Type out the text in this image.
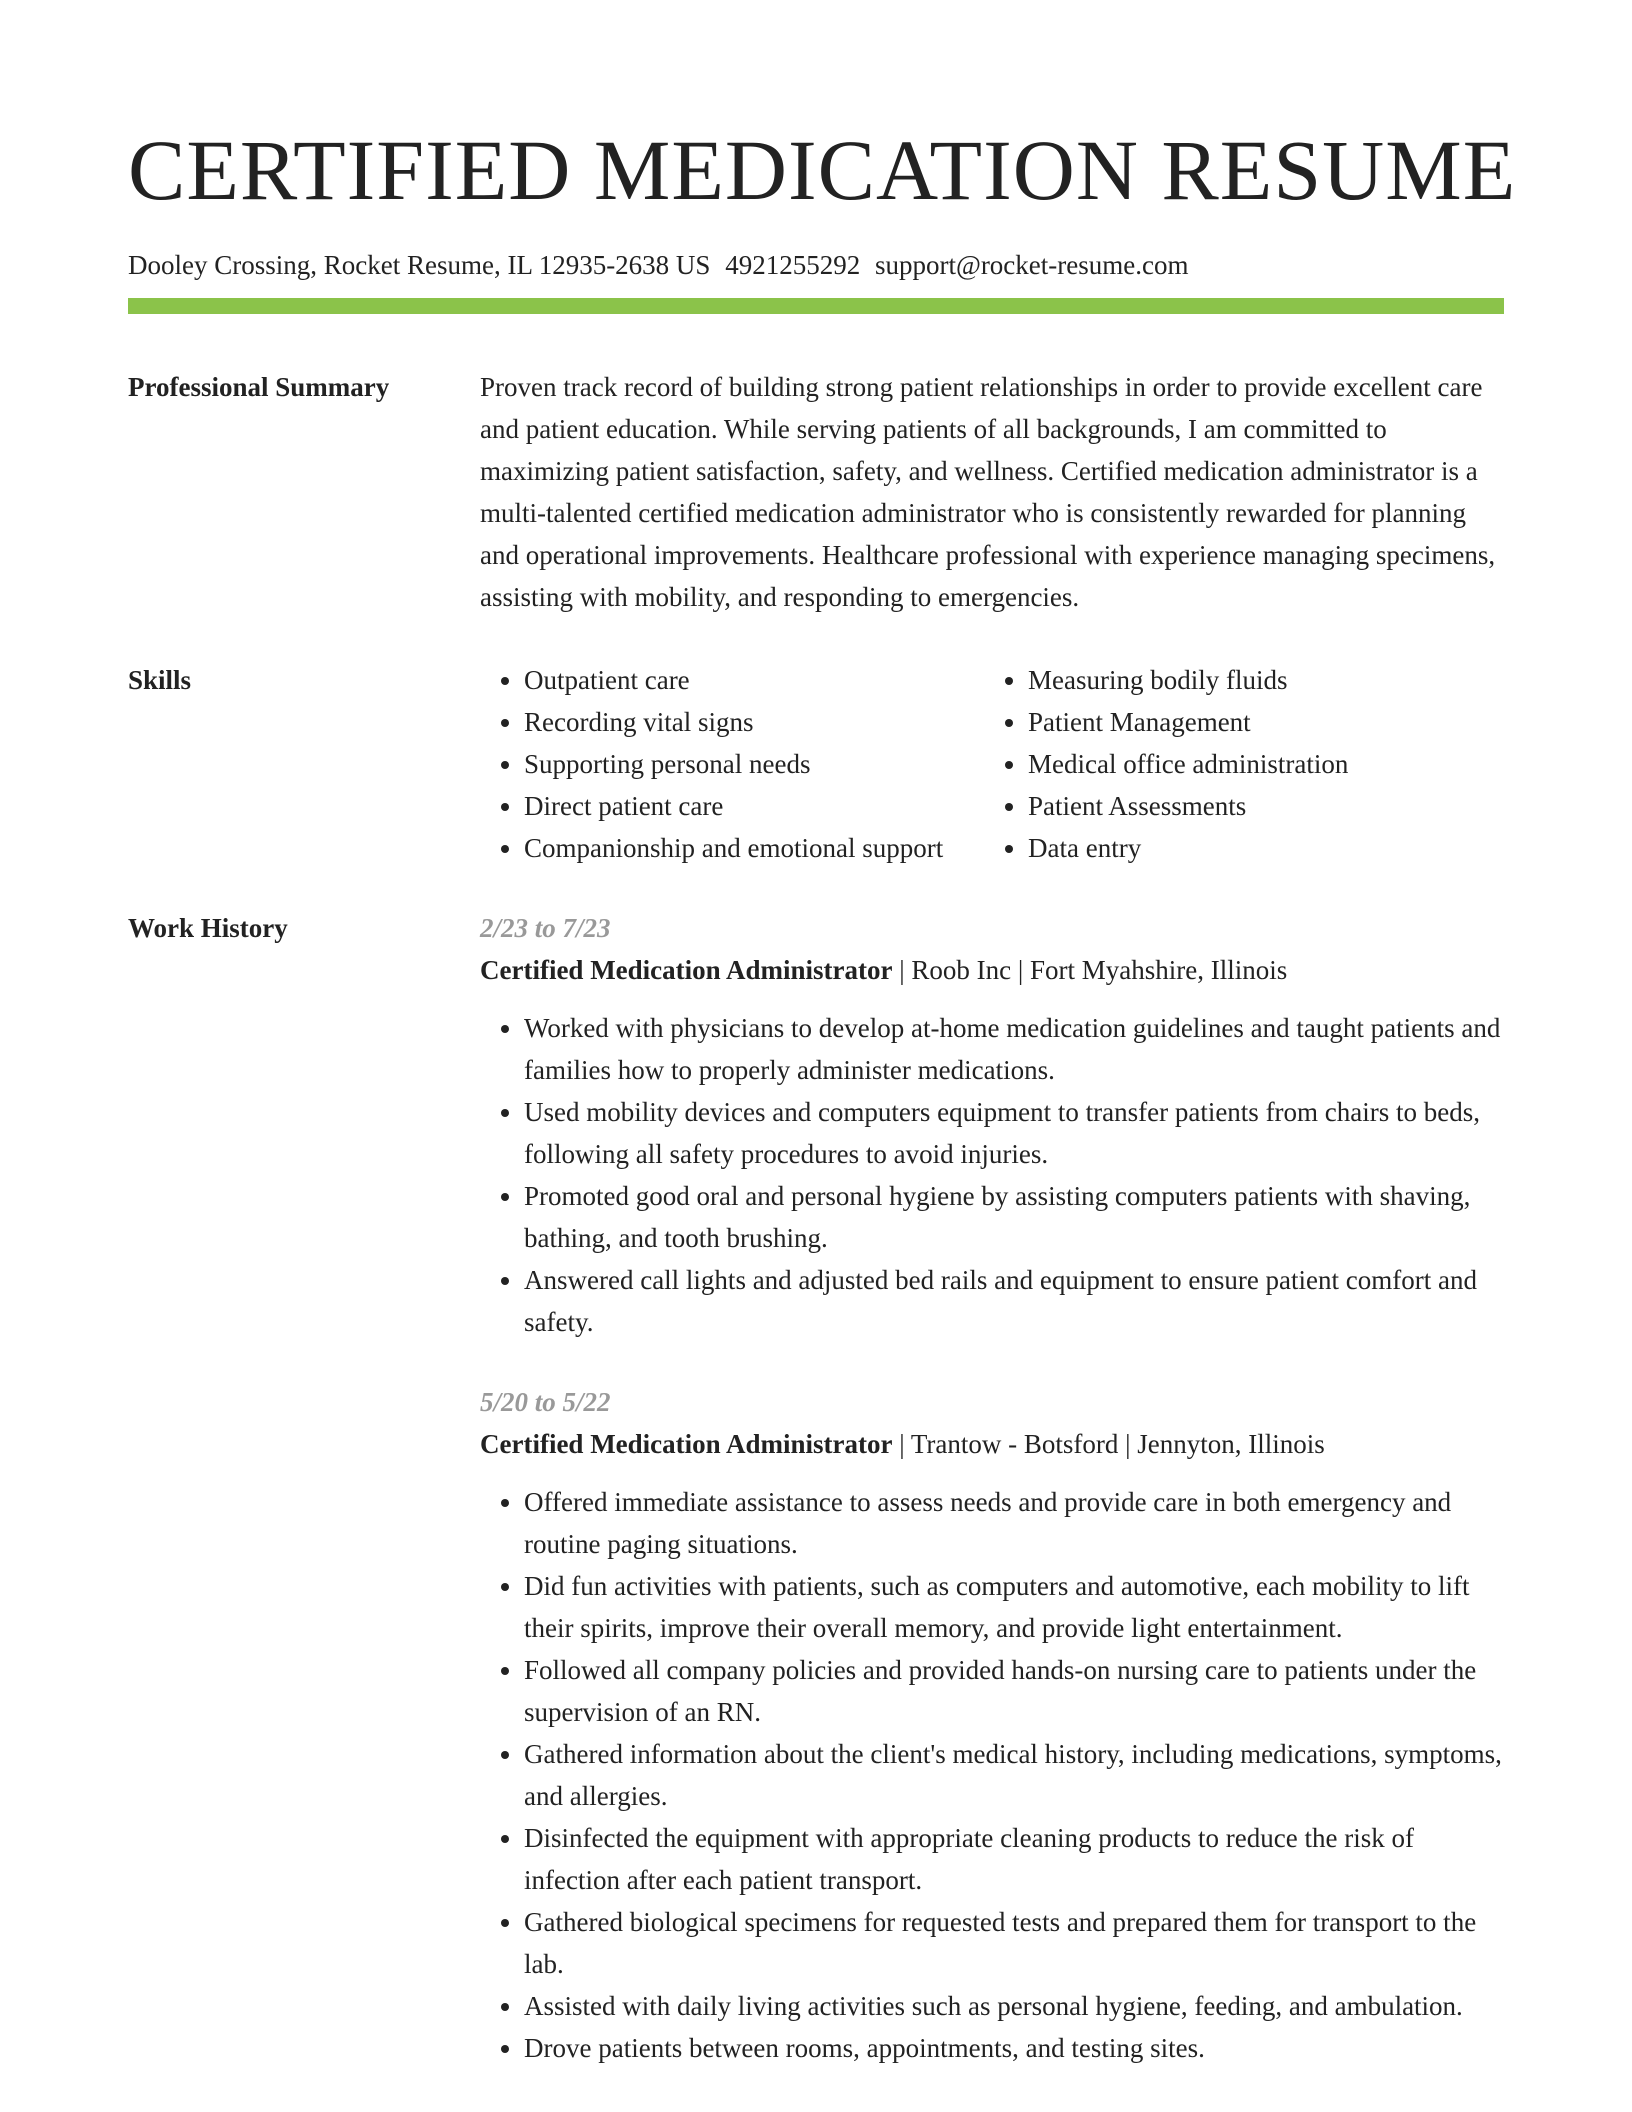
CERTIFIED MEDICATION RESUME
Dooley Crossing, Rocket Resume, IL 12935-2638 US 4921255292 support@rocket-resume.com
Professional Summary	Proven track record of building strong patient relationships in order to provide excellent care and patient education. While serving patients of all backgrounds, I am committed to maximizing patient satisfaction, safety, and wellness. Certified medication administrator is a multi-talented certified medication administrator who is consistently rewarded for planning and operational improvements. Healthcare professional with experience managing specimens, assisting with mobility, and responding to emergencies.

Skills
•	Outpatient care
• Recording vital signs
• Supporting personal needs
• Direct patient care
• Companionship and emotional support
• Measuring bodily fluids
• Patient Management
• Medical office administration
• Patient Assessments
• Data entry
Work History	2/23 to 7/23
Certified Medication Administrator | Roob Inc | Fort Myahshire, Illinois
• Worked with physicians to develop at-home medication guidelines and taught patients and families how to properly administer medications.
• Used mobility devices and computers equipment to transfer patients from chairs to beds, following all safety procedures to avoid injuries.
• Promoted good oral and personal hygiene by assisting computers patients with shaving, bathing, and tooth brushing.
• Answered call lights and adjusted bed rails and equipment to ensure patient comfort and safety.
5/20 to 5/22
Certified Medication Administrator | Trantow - Botsford | Jennyton, Illinois
• Offered immediate assistance to assess needs and provide care in both emergency and routine paging situations.
• Did fun activities with patients, such as computers and automotive, each mobility to lift their spirits, improve their overall memory, and provide light entertainment.
• Followed all company policies and provided hands-on nursing care to patients under the supervision of an RN.
• Gathered information about the client's medical history, including medications, symptoms, and allergies.
• Disinfected the equipment with appropriate cleaning products to reduce the risk of infection after each patient transport.
• Gathered biological specimens for requested tests and prepared them for transport to the lab.
• Assisted with daily living activities such as personal hygiene, feeding, and ambulation.
• Drove patients between rooms, appointments, and testing sites.
